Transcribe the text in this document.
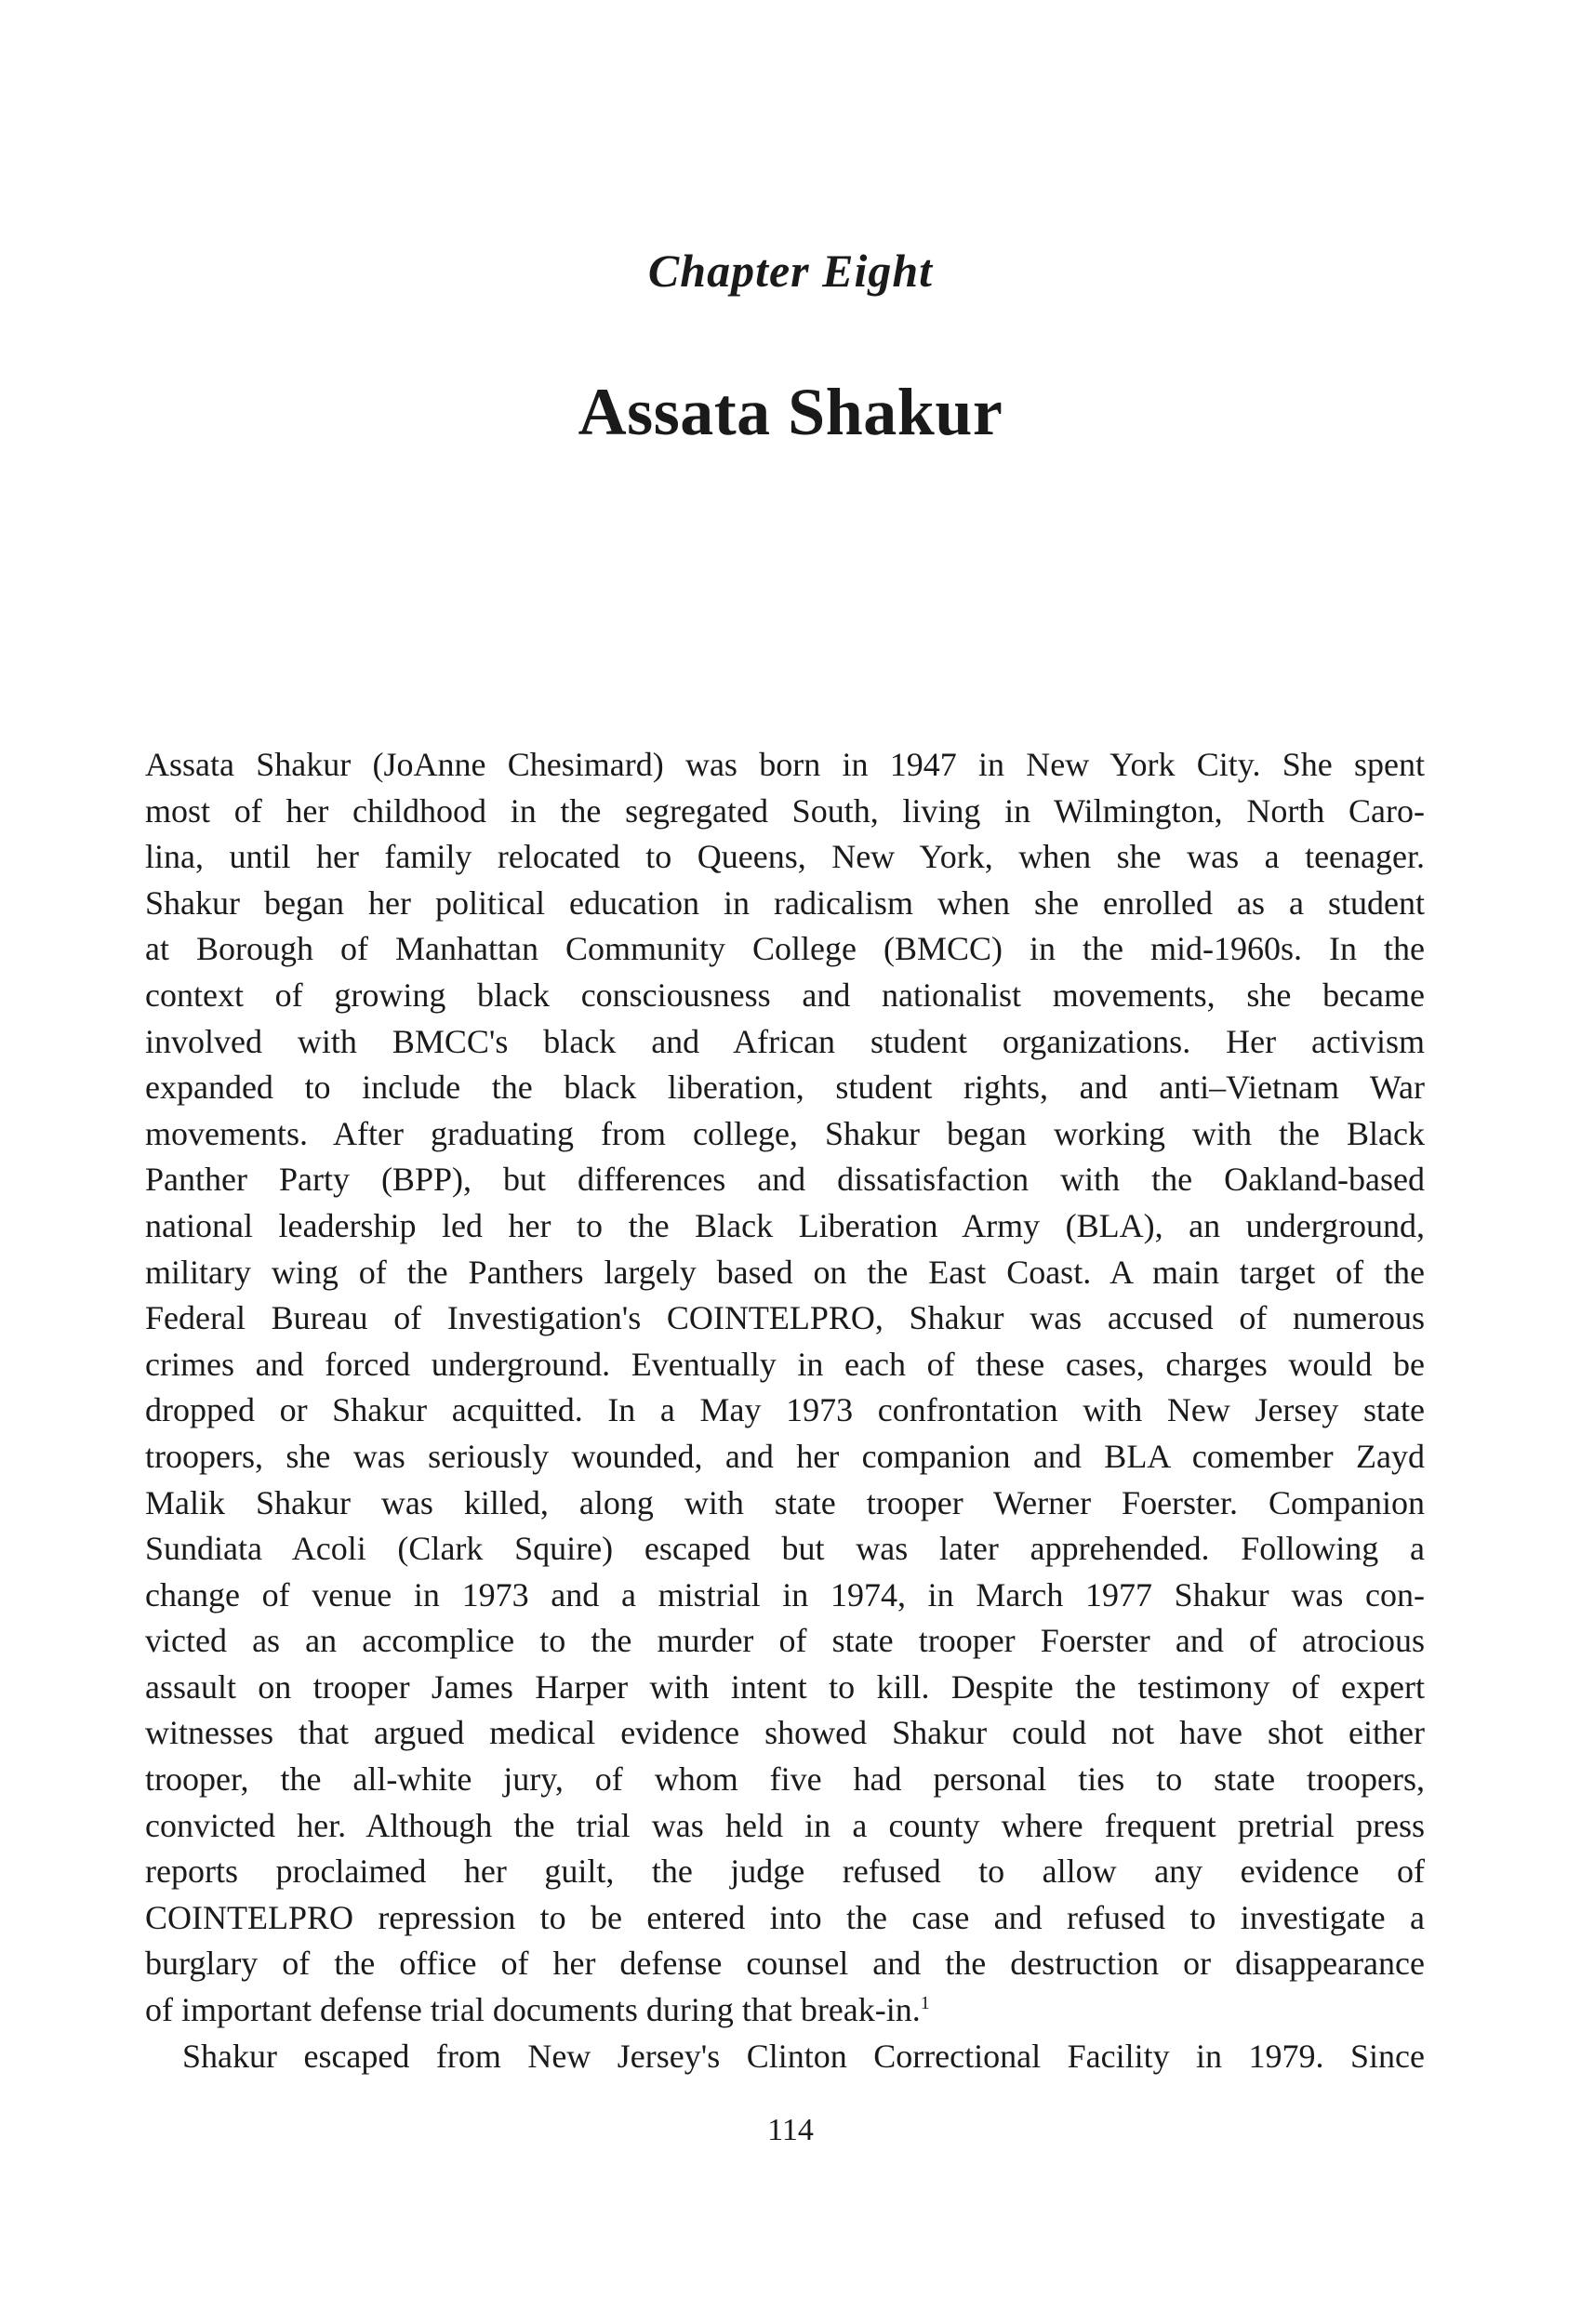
Chapter Eight
Assata Shakur
Assata Shakur (JoAnne Chesimard) was born in 1947 in New York City. She spent
most of her childhood in the segregated South, living in Wilmington, North Caro-
lina, until her family relocated to Queens, New York, when she was a teenager.
Shakur began her political education in radicalism when she enrolled as a student
at Borough of Manhattan Community College (BMCC) in the mid-1960s. In the
context of growing black consciousness and nationalist movements, she became
involved with BMCC's black and African student organizations. Her activism
expanded to include the black liberation, student rights, and anti–Vietnam War
movements. After graduating from college, Shakur began working with the Black
Panther Party (BPP), but differences and dissatisfaction with the Oakland-based
national leadership led her to the Black Liberation Army (BLA), an underground,
military wing of the Panthers largely based on the East Coast. A main target of the
Federal Bureau of Investigation's COINTELPRO, Shakur was accused of numerous
crimes and forced underground. Eventually in each of these cases, charges would be
dropped or Shakur acquitted. In a May 1973 confrontation with New Jersey state
troopers, she was seriously wounded, and her companion and BLA comember Zayd
Malik Shakur was killed, along with state trooper Werner Foerster. Companion
Sundiata Acoli (Clark Squire) escaped but was later apprehended. Following a
change of venue in 1973 and a mistrial in 1974, in March 1977 Shakur was con-
victed as an accomplice to the murder of state trooper Foerster and of atrocious
assault on trooper James Harper with intent to kill. Despite the testimony of expert
witnesses that argued medical evidence showed Shakur could not have shot either
trooper, the all-white jury, of whom five had personal ties to state troopers,
convicted her. Although the trial was held in a county where frequent pretrial press
reports proclaimed her guilt, the judge refused to allow any evidence of
COINTELPRO repression to be entered into the case and refused to investigate a
burglary of the office of her defense counsel and the destruction or disappearance
of important defense trial documents during that break-in.$^1$
Shakur escaped from New Jersey's Clinton Correctional Facility in 1979. Since
114
